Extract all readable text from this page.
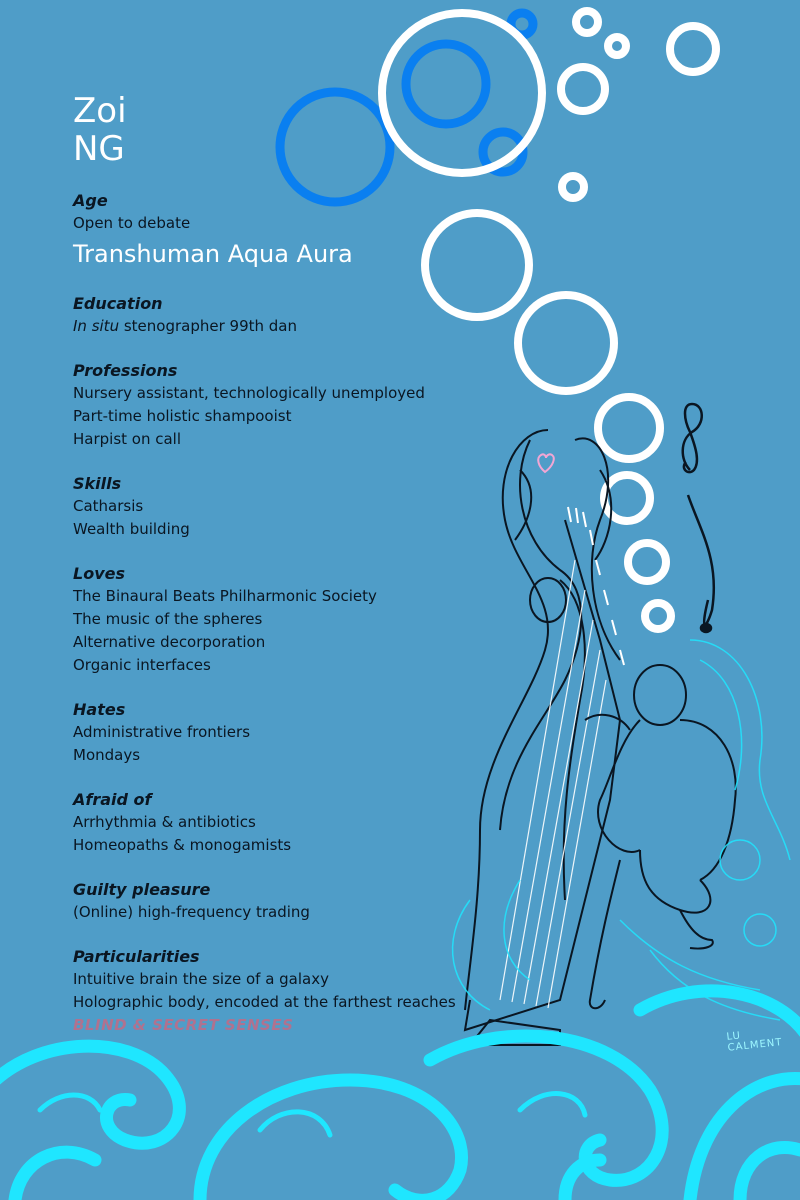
Zoi
NG

Age

Open to debate

Transhuman Aqua Aura

Education

In situ stenographer 99th dan

Professions

Nursery assistant, technologically unemployed

Part-time holistic shampooist

Harpist on call

Skills

Catharsis

Wealth building

Loves

The Binaural Beats Philharmonic Society

The music of the spheres

Alternative decorporation

Organic interfaces

Hates

Administrative frontiers

Mondays

Afraid of

Arrhythmia & antibiotics

Homeopaths & monogamists

Guilty pleasure

(Online) high-frequency trading

Particularities

Intuitive brain the size of a galaxy

Holographic body, encoded at the farthest reaches

BLIND & SECRET SENSES

LU CALMENT
